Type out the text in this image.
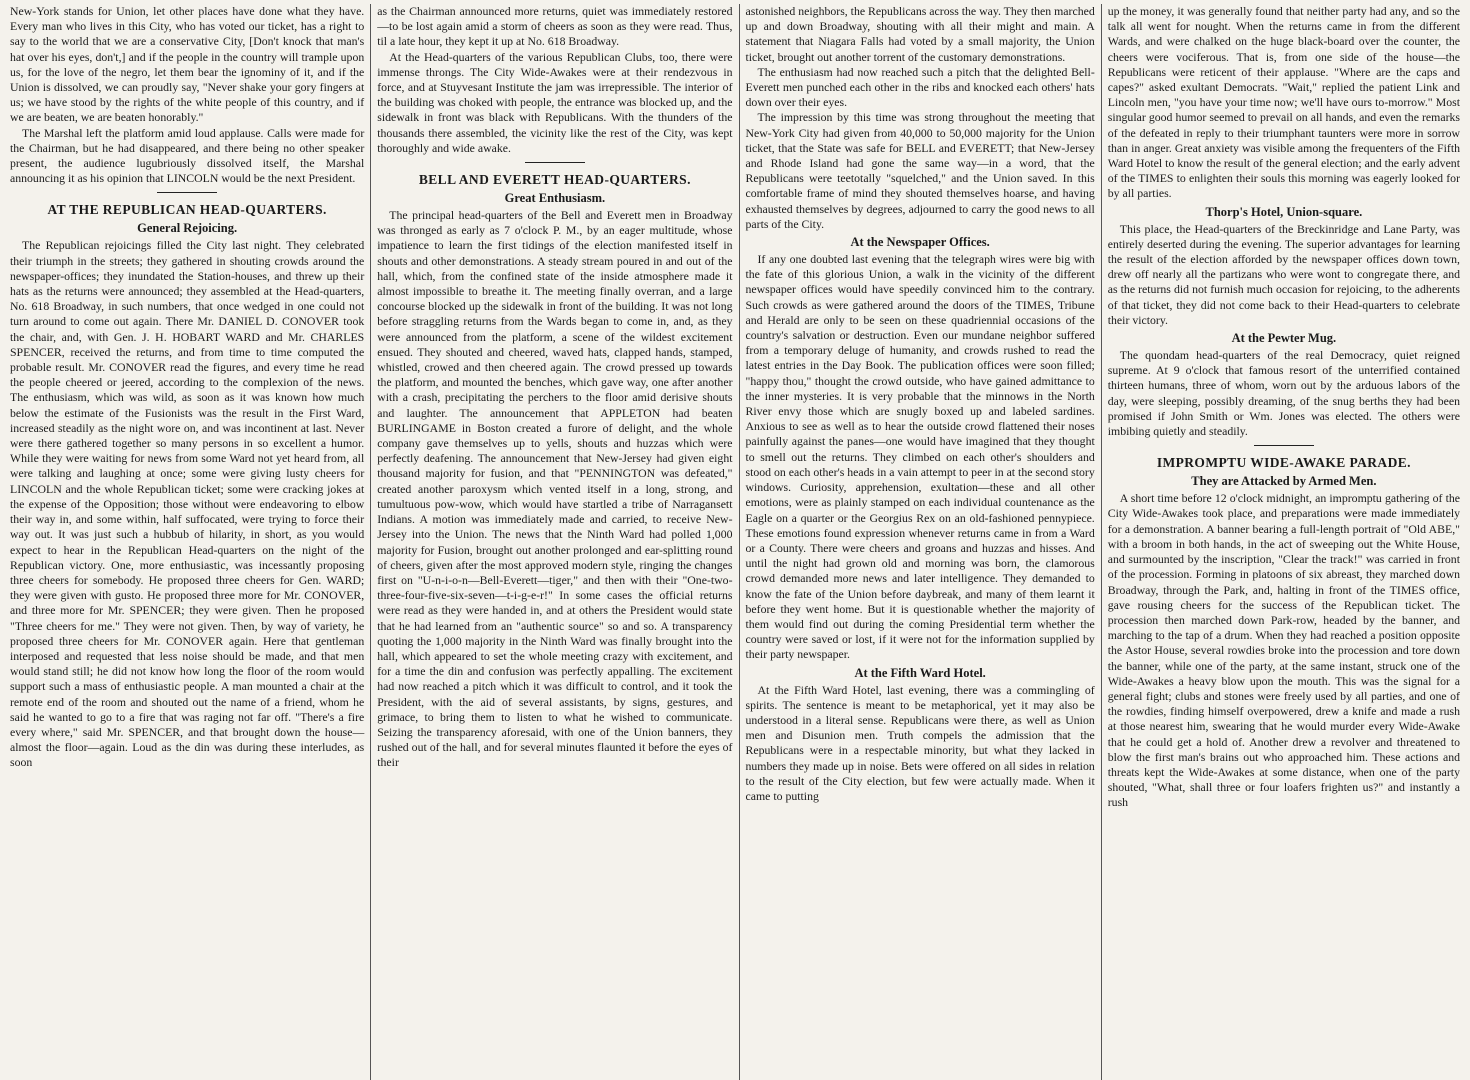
New-York stands for Union, let other places have done what they have. Every man who lives in this City, who has voted our ticket, has a right to say to the world that we are a conservative City, [Don't knock that man's hat over his eyes, don't,] and if the people in the country will trample upon us, for the love of the negro, let them bear the ignominy of it, and if the Union is dissolved, we can proudly say, "Never shake your gory fingers at us; we have stood by the rights of the white people of this country, and if we are beaten, we are beaten honorably."

The Marshal left the platform amid loud applause. Calls were made for the Chairman, but he had disappeared, and there being no other speaker present, the audience lugubriously dissolved itself, the Marshal announcing it as his opinion that LINCOLN would be the next President.

AT THE REPUBLICAN HEAD-QUARTERS.
General Rejoicing.

The Republican rejoicings filled the City last night. They celebrated their triumph in the streets; they gathered in shouting crowds around the newspaper-offices; they inundated the Station-houses, and threw up their hats as the returns were announced; they assembled at the Head-quarters, No. 618 Broadway, in such numbers, that once wedged in one could not turn around to come out again. There Mr. DANIEL D. CONOVER took the chair, and, with Gen. J. H. HOBART WARD and Mr. CHARLES SPENCER, received the returns, and from time to time computed the probable result. Mr. CONOVER read the figures, and every time he read the people cheered or jeered, according to the complexion of the news. The enthusiasm, which was wild, as soon as it was known how much below the estimate of the Fusionists was the result in the First Ward, increased steadily as the night wore on, and was incontinent at last. Never were there gathered together so many persons in so excellent a humor. While they were waiting for news from some Ward not yet heard from, all were talking and laughing at once; some were giving lusty cheers for LINCOLN and the whole Republican ticket; some were cracking jokes at the expense of the Opposition; those without were endeavoring to elbow their way in, and some within, half suffocated, were trying to force their way out. It was just such a hubbub of hilarity, in short, as you would expect to hear in the Republican Head-quarters on the night of the Republican victory. One, more enthusiastic, was incessantly proposing three cheers for somebody. He proposed three cheers for Gen. WARD; they were given with gusto. He proposed three more for Mr. CONOVER, and three more for Mr. SPENCER; they were given. Then he proposed "Three cheers for me." They were not given. Then, by way of variety, he proposed three cheers for Mr. CONOVER again. Here that gentleman interposed and requested that less noise should be made, and that men would stand still; he did not know how long the floor of the room would support such a mass of enthusiastic people. A man mounted a chair at the remote end of the room and shouted out the name of a friend, whom he said he wanted to go to a fire that was raging not far off. "There's a fire every where," said Mr. SPENCER, and that brought down the house—almost the floor—again. Loud as the din was during these interludes, as soon

as the Chairman announced more returns, quiet was immediately restored—to be lost again amid a storm of cheers as soon as they were read. Thus, til a late hour, they kept it up at No. 618 Broadway.

At the Head-quarters of the various Republican Clubs, too, there were immense throngs. The City Wide-Awakes were at their rendezvous in force, and at Stuyvesant Institute the jam was irrepressible. The interior of the building was choked with people, the entrance was blocked up, and the sidewalk in front was black with Republicans. With the thunders of the thousands there assembled, the vicinity like the rest of the City, was kept thoroughly and wide awake.

BELL AND EVERETT HEAD-QUARTERS.
Great Enthusiasm.

The principal head-quarters of the Bell and Everett men in Broadway was thronged as early as 7 o'clock P. M., by an eager multitude, whose impatience to learn the first tidings of the election manifested itself in shouts and other demonstrations. A steady stream poured in and out of the hall, which, from the confined state of the inside atmosphere made it almost impossible to breathe it. The meeting finally overran, and a large concourse blocked up the sidewalk in front of the building. It was not long before straggling returns from the Wards began to come in, and, as they were announced from the platform, a scene of the wildest excitement ensued. They shouted and cheered, waved hats, clapped hands, stamped, whistled, crowed and then cheered again. The crowd pressed up towards the platform, and mounted the benches, which gave way, one after another with a crash, precipitating the perchers to the floor amid derisive shouts and laughter. The announcement that APPLETON had beaten BURLINGAME in Boston created a furore of delight, and the whole company gave themselves up to yells, shouts and huzzas which were perfectly deafening. The announcement that New-Jersey had given eight thousand majority for fusion, and that "PENNINGTON was defeated," created another paroxysm which vented itself in a long, strong, and tumultuous pow-wow, which would have startled a tribe of Narragansett Indians. A motion was immediately made and carried, to receive New-Jersey into the Union. The news that the Ninth Ward had polled 1,000 majority for Fusion, brought out another prolonged and ear-splitting round of cheers, given after the most approved modern style, ringing the changes first on "U-n-i-o-n—Bell-Everett—tiger," and then with their "One-two-three-four-five-six-seven—t-i-g-e-r!" In some cases the official returns were read as they were handed in, and at others the President would state that he had learned from an "authentic source" so and so. A transparency quoting the 1,000 majority in the Ninth Ward was finally brought into the hall, which appeared to set the whole meeting crazy with excitement, and for a time the din and confusion was perfectly appalling. The excitement had now reached a pitch which it was difficult to control, and it took the President, with the aid of several assistants, by signs, gestures, and grimace, to bring them to listen to what he wished to communicate. Seizing the transparency aforesaid, with one of the Union banners, they rushed out of the hall, and for several minutes flaunted it before the eyes of their

astonished neighbors, the Republicans across the way. They then marched up and down Broadway, shouting with all their might and main. A statement that Niagara Falls had voted by a small majority, the Union ticket, brought out another torrent of the customary demonstrations.

The enthusiasm had now reached such a pitch that the delighted Bell-Everett men punched each other in the ribs and knocked each others' hats down over their eyes.

The impression by this time was strong throughout the meeting that New-York City had given from 40,000 to 50,000 majority for the Union ticket, that the State was safe for BELL and EVERETT; that New-Jersey and Rhode Island had gone the same way—in a word, that the Republicans were teetotally "squelched," and the Union saved. In this comfortable frame of mind they shouted themselves hoarse, and having exhausted themselves by degrees, adjourned to carry the good news to all parts of the City.

At the Newspaper Offices.

If any one doubted last evening that the telegraph wires were big with the fate of this glorious Union, a walk in the vicinity of the different newspaper offices would have speedily convinced him to the contrary. Such crowds as were gathered around the doors of the TIMES, Tribune and Herald are only to be seen on these quadriennial occasions of the country's salvation or destruction. Even our mundane neighbor suffered from a temporary deluge of humanity, and crowds rushed to read the latest entries in the Day Book. The publication offices were soon filled; "happy thou," thought the crowd outside, who have gained admittance to the inner mysteries. It is very probable that the minnows in the North River envy those which are snugly boxed up and labeled sardines. Anxious to see as well as to hear the outside crowd flattened their noses painfully against the panes—one would have imagined that they thought to smell out the returns. They climbed on each other's shoulders and stood on each other's heads in a vain attempt to peer in at the second story windows. Curiosity, apprehension, exultation—these and all other emotions, were as plainly stamped on each individual countenance as the Eagle on a quarter or the Georgius Rex on an old-fashioned pennypiece. These emotions found expression whenever returns came in from a Ward or a County. There were cheers and groans and huzzas and hisses. And until the night had grown old and morning was born, the clamorous crowd demanded more news and later intelligence. They demanded to know the fate of the Union before daybreak, and many of them learnt it before they went home. But it is questionable whether the majority of them would find out during the coming Presidential term whether the country were saved or lost, if it were not for the information supplied by their party newspaper.

At the Fifth Ward Hotel.

At the Fifth Ward Hotel, last evening, there was a commingling of spirits. The sentence is meant to be metaphorical, yet it may also be understood in a literal sense. Republicans were there, as well as Union men and Disunion men. Truth compels the admission that the Republicans were in a respectable minority, but what they lacked in numbers they made up in noise. Bets were offered on all sides in relation to the result of the City election, but few were actually made. When it came to putting

up the money, it was generally found that neither party had any, and so the talk all went for nought. When the returns came in from the different Wards, and were chalked on the huge black-board over the counter, the cheers were vociferous. That is, from one side of the house—the Republicans were reticent of their applause. "Where are the caps and capes?" asked exultant Democrats. "Wait," replied the patient Link and Lincoln men, "you have your time now; we'll have ours to-morrow." Most singular good humor seemed to prevail on all hands, and even the remarks of the defeated in reply to their triumphant taunters were more in sorrow than in anger. Great anxiety was visible among the frequenters of the Fifth Ward Hotel to know the result of the general election; and the early advent of the TIMES to enlighten their souls this morning was eagerly looked for by all parties.

Thorp's Hotel, Union-square.

This place, the Head-quarters of the Breckinridge and Lane Party, was entirely deserted during the evening. The superior advantages for learning the result of the election afforded by the newspaper offices down town, drew off nearly all the partizans who were wont to congregate there, and as the returns did not furnish much occasion for rejoicing, to the adherents of that ticket, they did not come back to their Head-quarters to celebrate their victory.

At the Pewter Mug.

The quondam head-quarters of the real Democracy, quiet reigned supreme. At 9 o'clock that famous resort of the unterrified contained thirteen humans, three of whom, worn out by the arduous labors of the day, were sleeping, possibly dreaming, of the snug berths they had been promised if John Smith or Wm. Jones was elected. The others were imbibing quietly and steadily.

IMPROMPTU WIDE-AWAKE PARADE.
They are Attacked by Armed Men.

A short time before 12 o'clock midnight, an impromptu gathering of the City Wide-Awakes took place, and preparations were made immediately for a demonstration. A banner bearing a full-length portrait of "Old ABE," with a broom in both hands, in the act of sweeping out the White House, and surmounted by the inscription, "Clear the track!" was carried in front of the procession. Forming in platoons of six abreast, they marched down Broadway, through the Park, and, halting in front of the TIMES office, gave rousing cheers for the success of the Republican ticket. The procession then marched down Park-row, headed by the banner, and marching to the tap of a drum. When they had reached a position opposite the Astor House, several rowdies broke into the procession and tore down the banner, while one of the party, at the same instant, struck one of the Wide-Awakes a heavy blow upon the mouth. This was the signal for a general fight; clubs and stones were freely used by all parties, and one of the rowdies, finding himself overpowered, drew a knife and made a rush at those nearest him, swearing that he would murder every Wide-Awake that he could get a hold of. Another drew a revolver and threatened to blow the first man's brains out who approached him. These actions and threats kept the Wide-Awakes at some distance, when one of the party shouted, "What, shall three or four loafers frighten us?" and instantly a rush
